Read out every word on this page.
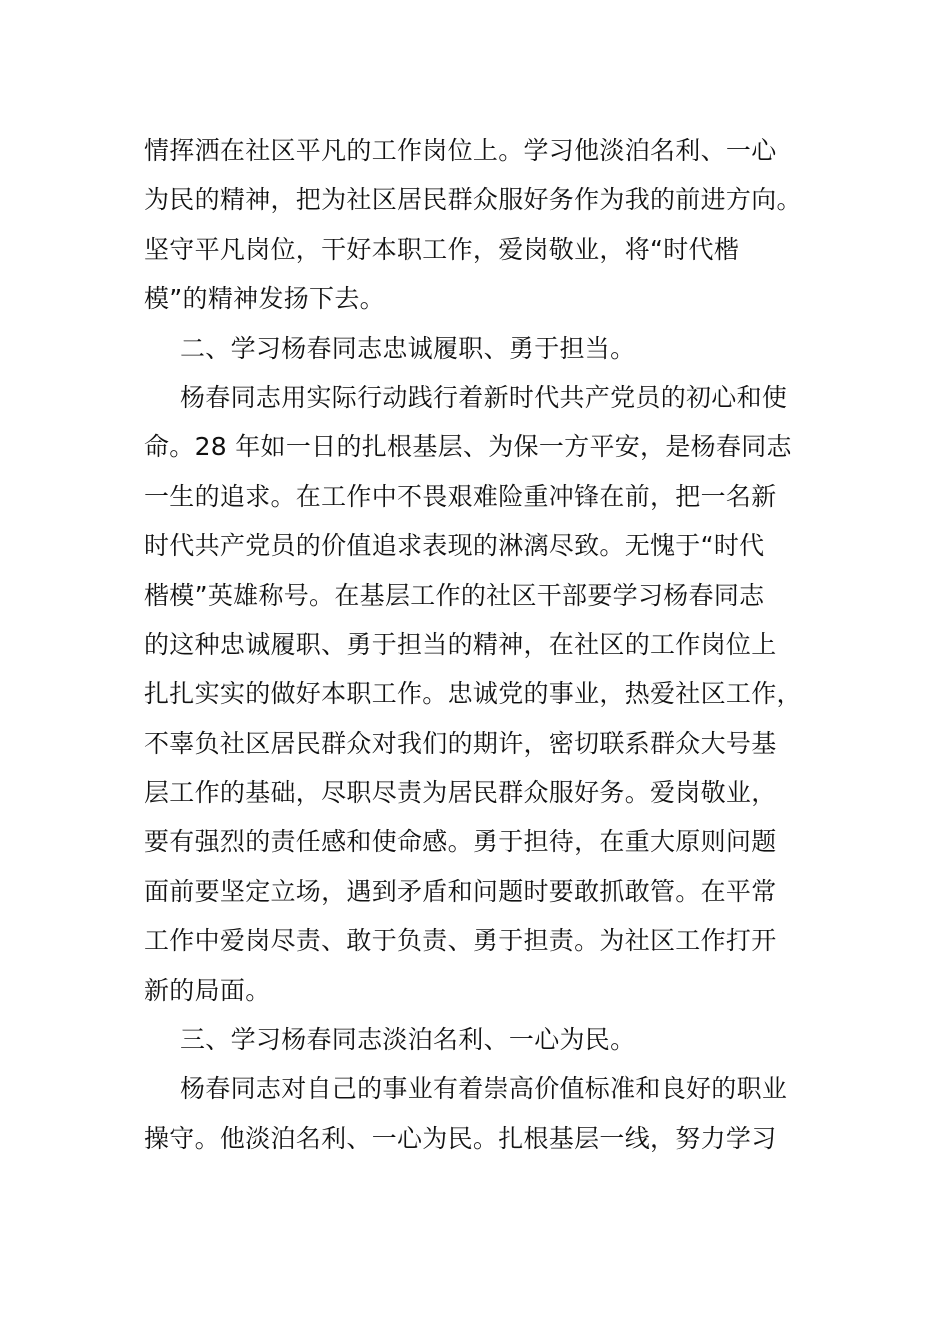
情挥洒在社区平凡的工作岗位上。学习他淡泊名利、一心
为民的精神，把为社区居民群众服好务作为我的前进方向。
坚守平凡岗位，干好本职工作，爱岗敬业，将“时代楷
模”的精神发扬下去。
二、学习杨春同志忠诚履职、勇于担当。
杨春同志用实际行动践行着新时代共产党员的初心和使
命。28 年如一日的扎根基层、为保一方平安，是杨春同志
一生的追求。在工作中不畏艰难险重冲锋在前，把一名新
时代共产党员的价值追求表现的淋漓尽致。无愧于“时代
楷模”英雄称号。在基层工作的社区干部要学习杨春同志
的这种忠诚履职、勇于担当的精神，在社区的工作岗位上
扎扎实实的做好本职工作。忠诚党的事业，热爱社区工作，
不辜负社区居民群众对我们的期许，密切联系群众大号基
层工作的基础，尽职尽责为居民群众服好务。爱岗敬业，
要有强烈的责任感和使命感。勇于担待，在重大原则问题
面前要坚定立场，遇到矛盾和问题时要敢抓敢管。在平常
工作中爱岗尽责、敢于负责、勇于担责。为社区工作打开
新的局面。
三、学习杨春同志淡泊名利、一心为民。
杨春同志对自己的事业有着崇高价值标准和良好的职业
操守。他淡泊名利、一心为民。扎根基层一线，努力学习
